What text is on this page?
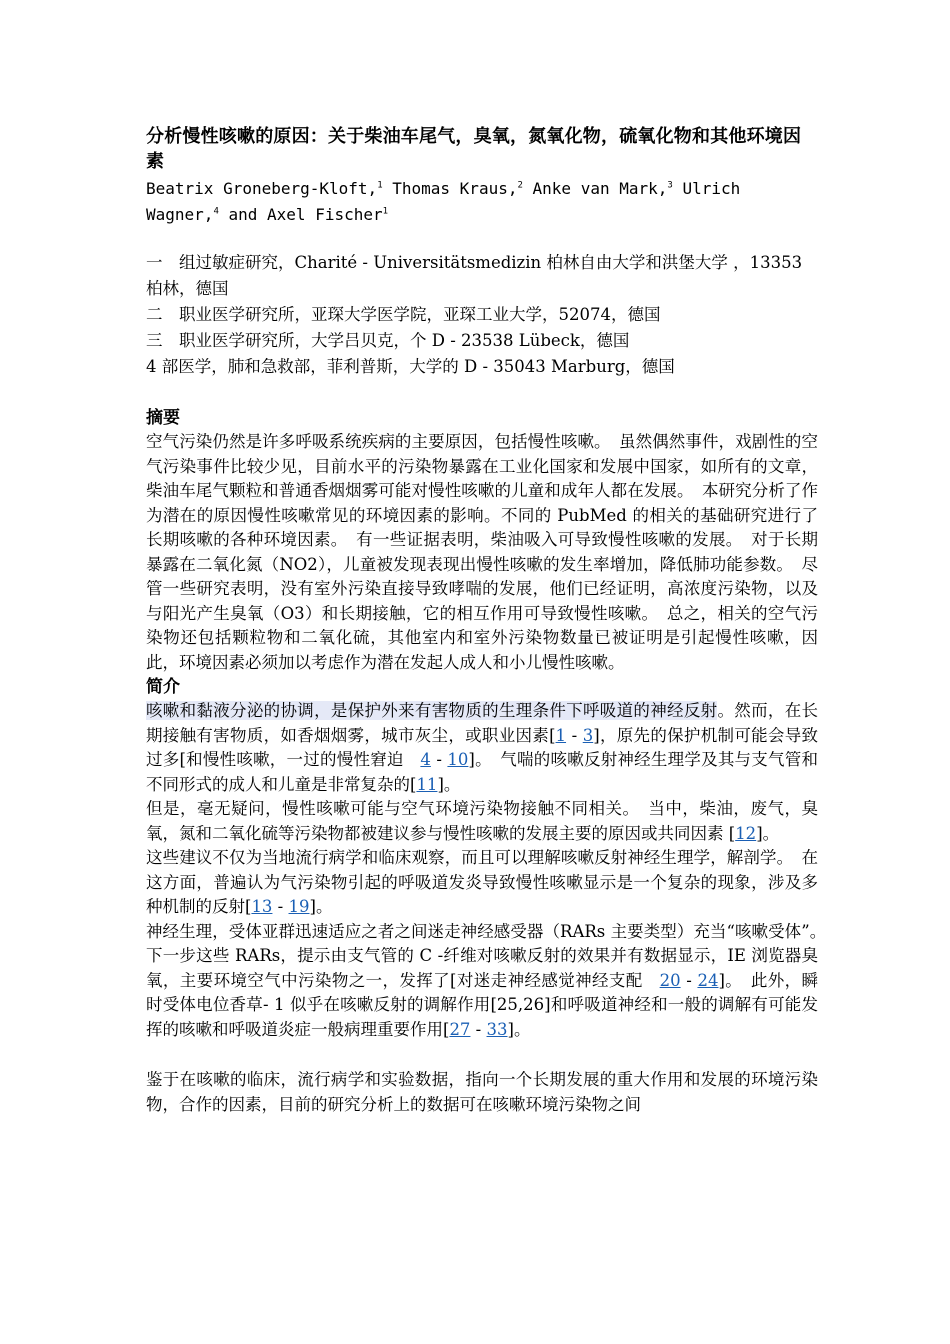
分析慢性咳嗽的原因：关于柴油车尾气，臭氧，氮氧化物，硫氧化物和其他环境因素

Beatrix Groneberg-Kloft,$^1$ Thomas Kraus,$^2$ Anke van Mark,$^3$ Ulrich Wagner,$^4$ and Axel Fischer$^1$

一　组过敏症研究，Charité - Universitätsmedizin 柏林自由大学和洪堡大学 ，13353 柏林，德国

二　职业医学研究所，亚琛大学医学院，亚琛工业大学，52074，德国

三　职业医学研究所，大学吕贝克，个 D - 23538 Lübeck，德国

4 部医学，肺和急救部，菲利普斯，大学的 D - 35043 Marburg，德国

摘要

空气污染仍然是许多呼吸系统疾病的主要原因，包括慢性咳嗽。　虽然偶然事件，戏剧性的空气污染事件比较少见，目前水平的污染物暴露在工业化国家和发展中国家，如所有的文章，柴油车尾气颗粒和普通香烟烟雾可能对慢性咳嗽的儿童和成年人都在发展。　本研究分析了作为潜在的原因慢性咳嗽常见的环境因素的影响。不同的 PubMed 的相关的基础研究进行了长期咳嗽的各种环境因素。　有一些证据表明，柴油吸入可导致慢性咳嗽的发展。　对于长期暴露在二氧化氮（NO2），儿童被发现表现出慢性咳嗽的发生率增加，降低肺功能参数。　尽管一些研究表明，没有室外污染直接导致哮喘的发展，他们已经证明，高浓度污染物，以及与阳光产生臭氧（O3）和长期接触，它的相互作用可导致慢性咳嗽。　总之，相关的空气污染物还包括颗粒物和二氧化硫，其他室内和室外污染物数量已被证明是引起慢性咳嗽，因此，环境因素必须加以考虑作为潜在发起人成人和小儿慢性咳嗽。

简介

咳嗽和黏液分泌的协调，是保护外来有害物质的生理条件下呼吸道的神经反射。然而，在长期接触有害物质，如香烟烟雾，城市灰尘，或职业因素[1 - 3]，原先的保护机制可能会导致过多[和慢性咳嗽，一过的慢性窘迫　4 - 10]。　气喘的咳嗽反射神经生理学及其与支气管和不同形式的成人和儿童是非常复杂的[11]。

但是，毫无疑问，慢性咳嗽可能与空气环境污染物接触不同相关。　当中，柴油，废气，臭氧，氮和二氧化硫等污染物都被建议参与慢性咳嗽的发展主要的原因或共同因素 [12]。

这些建议不仅为当地流行病学和临床观察，而且可以理解咳嗽反射神经生理学，解剖学。　在这方面，普遍认为气污染物引起的呼吸道发炎导致慢性咳嗽显示是一个复杂的现象，涉及多种机制的反射[13 - 19]。

神经生理，受体亚群迅速适应之者之间迷走神经感受器（RARs 主要类型）充当“咳嗽受体”。　下一步这些 RARs，提示由支气管的 C -纤维对咳嗽反射的效果并有数据显示，IE 浏览器臭氧，主要环境空气中污染物之一，发挥了[对迷走神经感觉神经支配　20 - 24]。　此外，瞬时受体电位香草- 1 似乎在咳嗽反射的调解作用[25,26]和呼吸道神经和一般的调解有可能发挥的咳嗽和呼吸道炎症一般病理重要作用[27 - 33]。

鉴于在咳嗽的临床，流行病学和实验数据，指向一个长期发展的重大作用和发展的环境污染物，合作的因素，目前的研究分析上的数据可在咳嗽环境污染物之间
